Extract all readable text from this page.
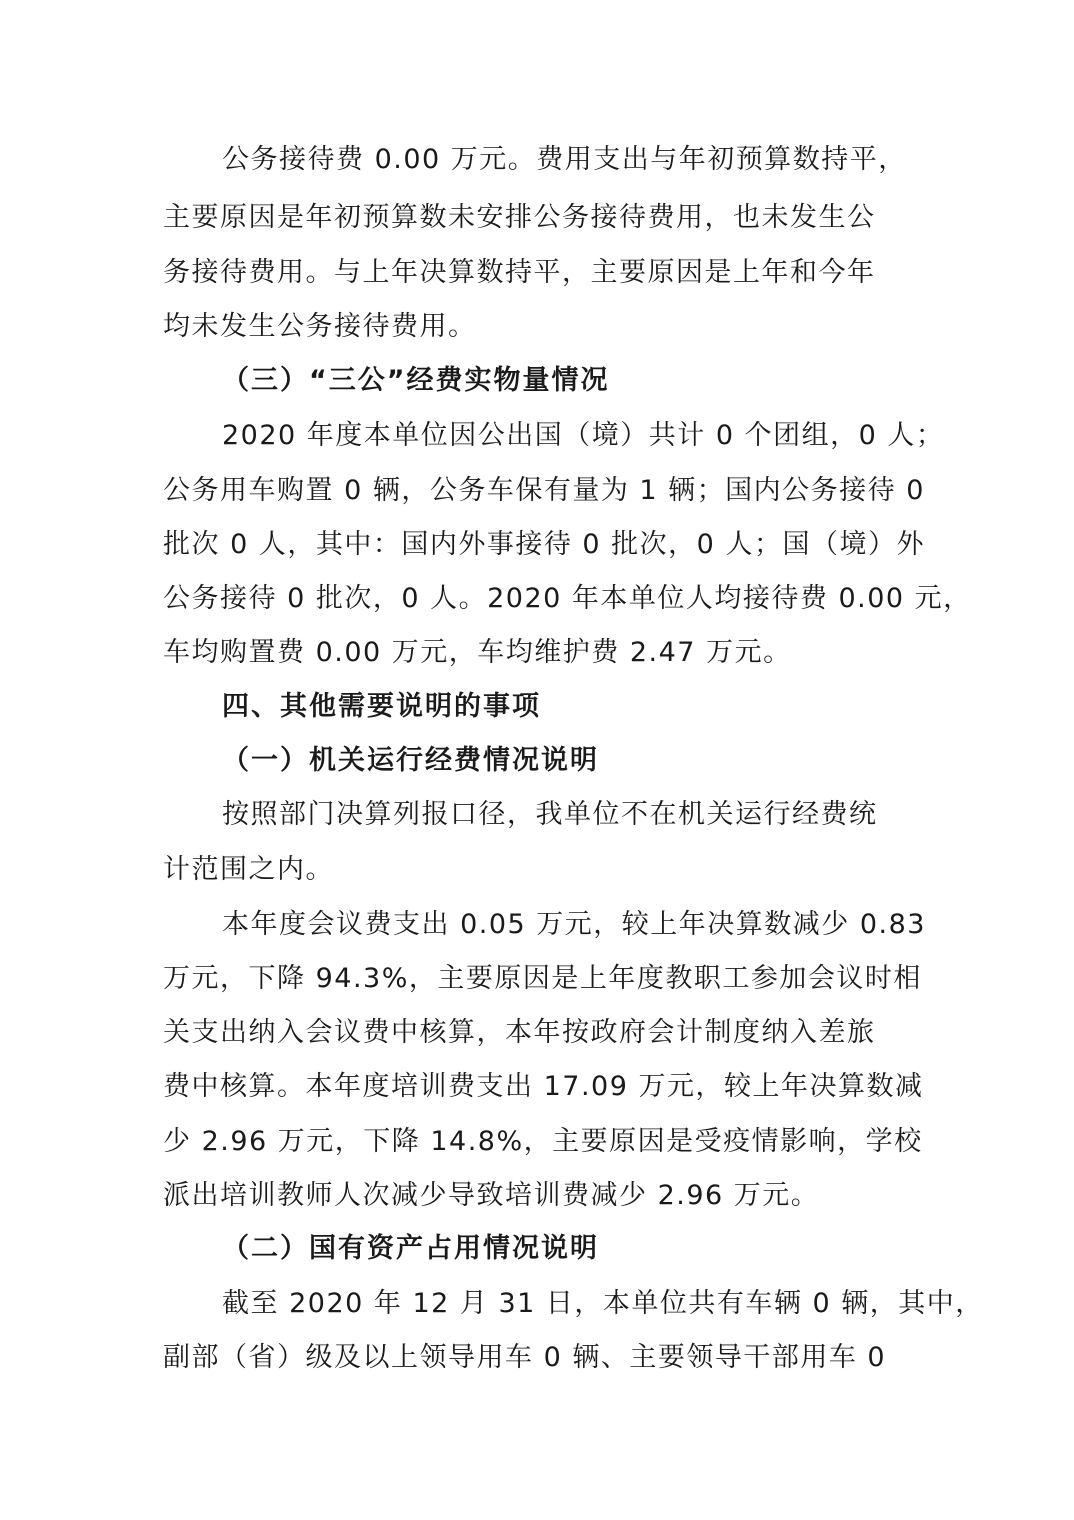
公务接待费 0.00 万元。费用支出与年初预算数持平，
主要原因是年初预算数未安排公务接待费用，也未发生公
务接待费用。与上年决算数持平，主要原因是上年和今年
均未发生公务接待费用。
（三）“三公”经费实物量情况
2020 年度本单位因公出国（境）共计 0 个团组，0 人；
公务用车购置 0 辆，公务车保有量为 1 辆；国内公务接待 0
批次 0 人，其中：国内外事接待 0 批次，0 人；国（境）外
公务接待 0 批次，0 人。2020 年本单位人均接待费 0.00 元，
车均购置费 0.00 万元，车均维护费 2.47 万元。
四、其他需要说明的事项
（一）机关运行经费情况说明
按照部门决算列报口径，我单位不在机关运行经费统
计范围之内。
本年度会议费支出 0.05 万元，较上年决算数减少 0.83
万元，下降 94.3%，主要原因是上年度教职工参加会议时相
关支出纳入会议费中核算，本年按政府会计制度纳入差旅
费中核算。本年度培训费支出 17.09 万元，较上年决算数减
少 2.96 万元，下降 14.8%，主要原因是受疫情影响，学校
派出培训教师人次减少导致培训费减少 2.96 万元。
（二）国有资产占用情况说明
截至 2020 年 12 月 31 日，本单位共有车辆 0 辆，其中，
副部（省）级及以上领导用车 0 辆、主要领导干部用车 0
